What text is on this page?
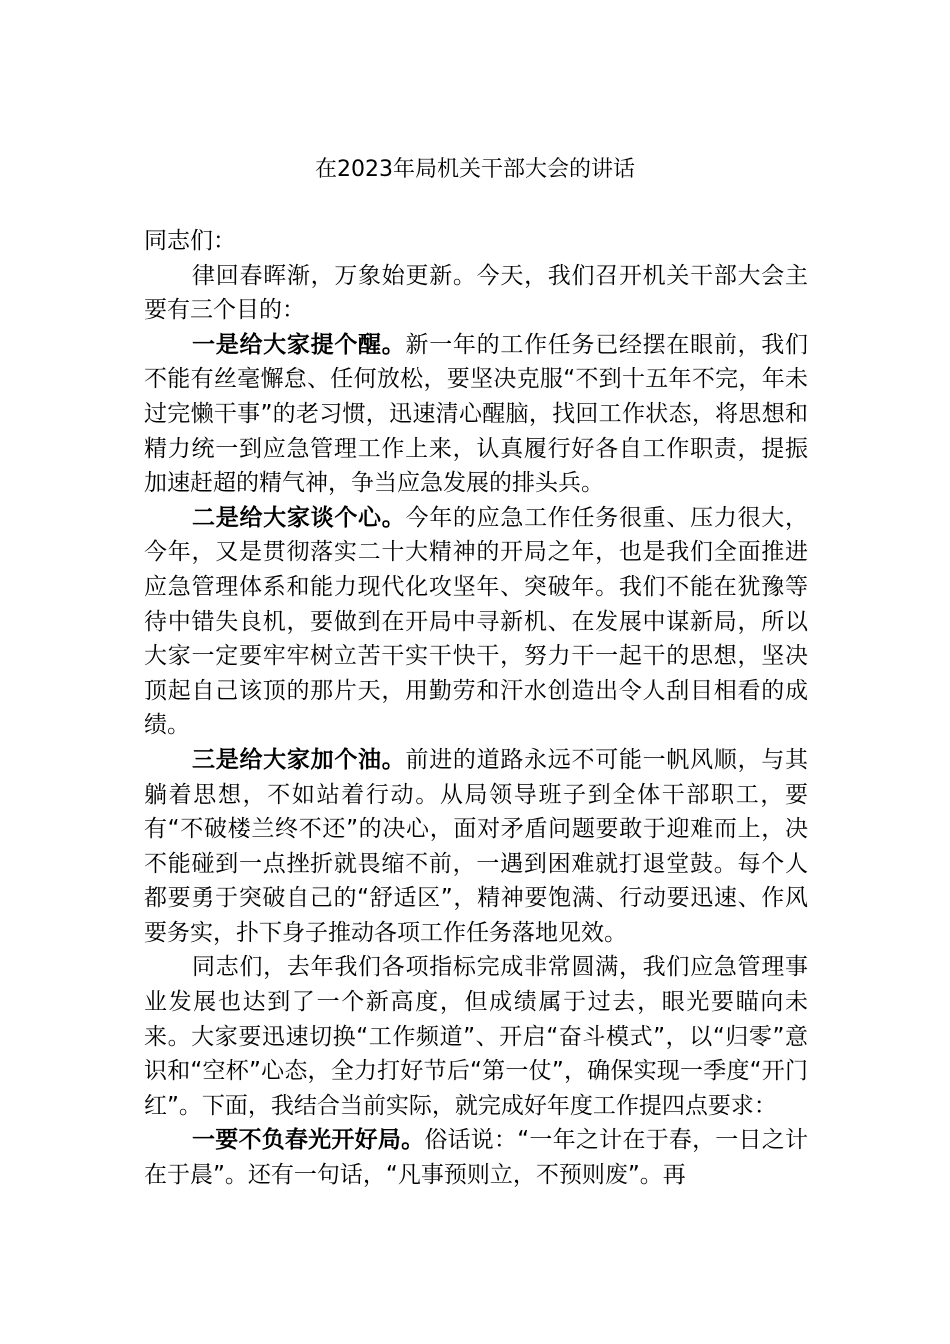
在2023年局机关干部大会的讲话

同志们：

律回春晖渐，万象始更新。今天，我们召开机关干部大会主要有三个目的：

一是给大家提个醒。新一年的工作任务已经摆在眼前，我们不能有丝毫懈怠、任何放松，要坚决克服“不到十五年不完，年未过完懒干事”的老习惯，迅速清心醒脑，找回工作状态，将思想和精力统一到应急管理工作上来，认真履行好各自工作职责，提振加速赶超的精气神，争当应急发展的排头兵。

二是给大家谈个心。今年的应急工作任务很重、压力很大，今年，又是贯彻落实二十大精神的开局之年，也是我们全面推进应急管理体系和能力现代化攻坚年、突破年。我们不能在犹豫等待中错失良机，要做到在开局中寻新机、在发展中谋新局，所以大家一定要牢牢树立苦干实干快干，努力干一起干的思想，坚决顶起自己该顶的那片天，用勤劳和汗水创造出令人刮目相看的成绩。

三是给大家加个油。前进的道路永远不可能一帆风顺，与其躺着思想，不如站着行动。从局领导班子到全体干部职工，要有“不破楼兰终不还”的决心，面对矛盾问题要敢于迎难而上，决不能碰到一点挫折就畏缩不前，一遇到困难就打退堂鼓。每个人都要勇于突破自己的“舒适区”，精神要饱满、行动要迅速、作风要务实，扑下身子推动各项工作任务落地见效。

同志们，去年我们各项指标完成非常圆满，我们应急管理事业发展也达到了一个新高度，但成绩属于过去，眼光要瞄向未来。大家要迅速切换“工作频道”、开启“奋斗模式”，以“归零”意识和“空杯”心态，全力打好节后“第一仗”，确保实现一季度“开门红”。下面，我结合当前实际，就完成好年度工作提四点要求：

一要不负春光开好局。俗话说：“一年之计在于春，一日之计在于晨”。还有一句话，“凡事预则立，不预则废”。再
